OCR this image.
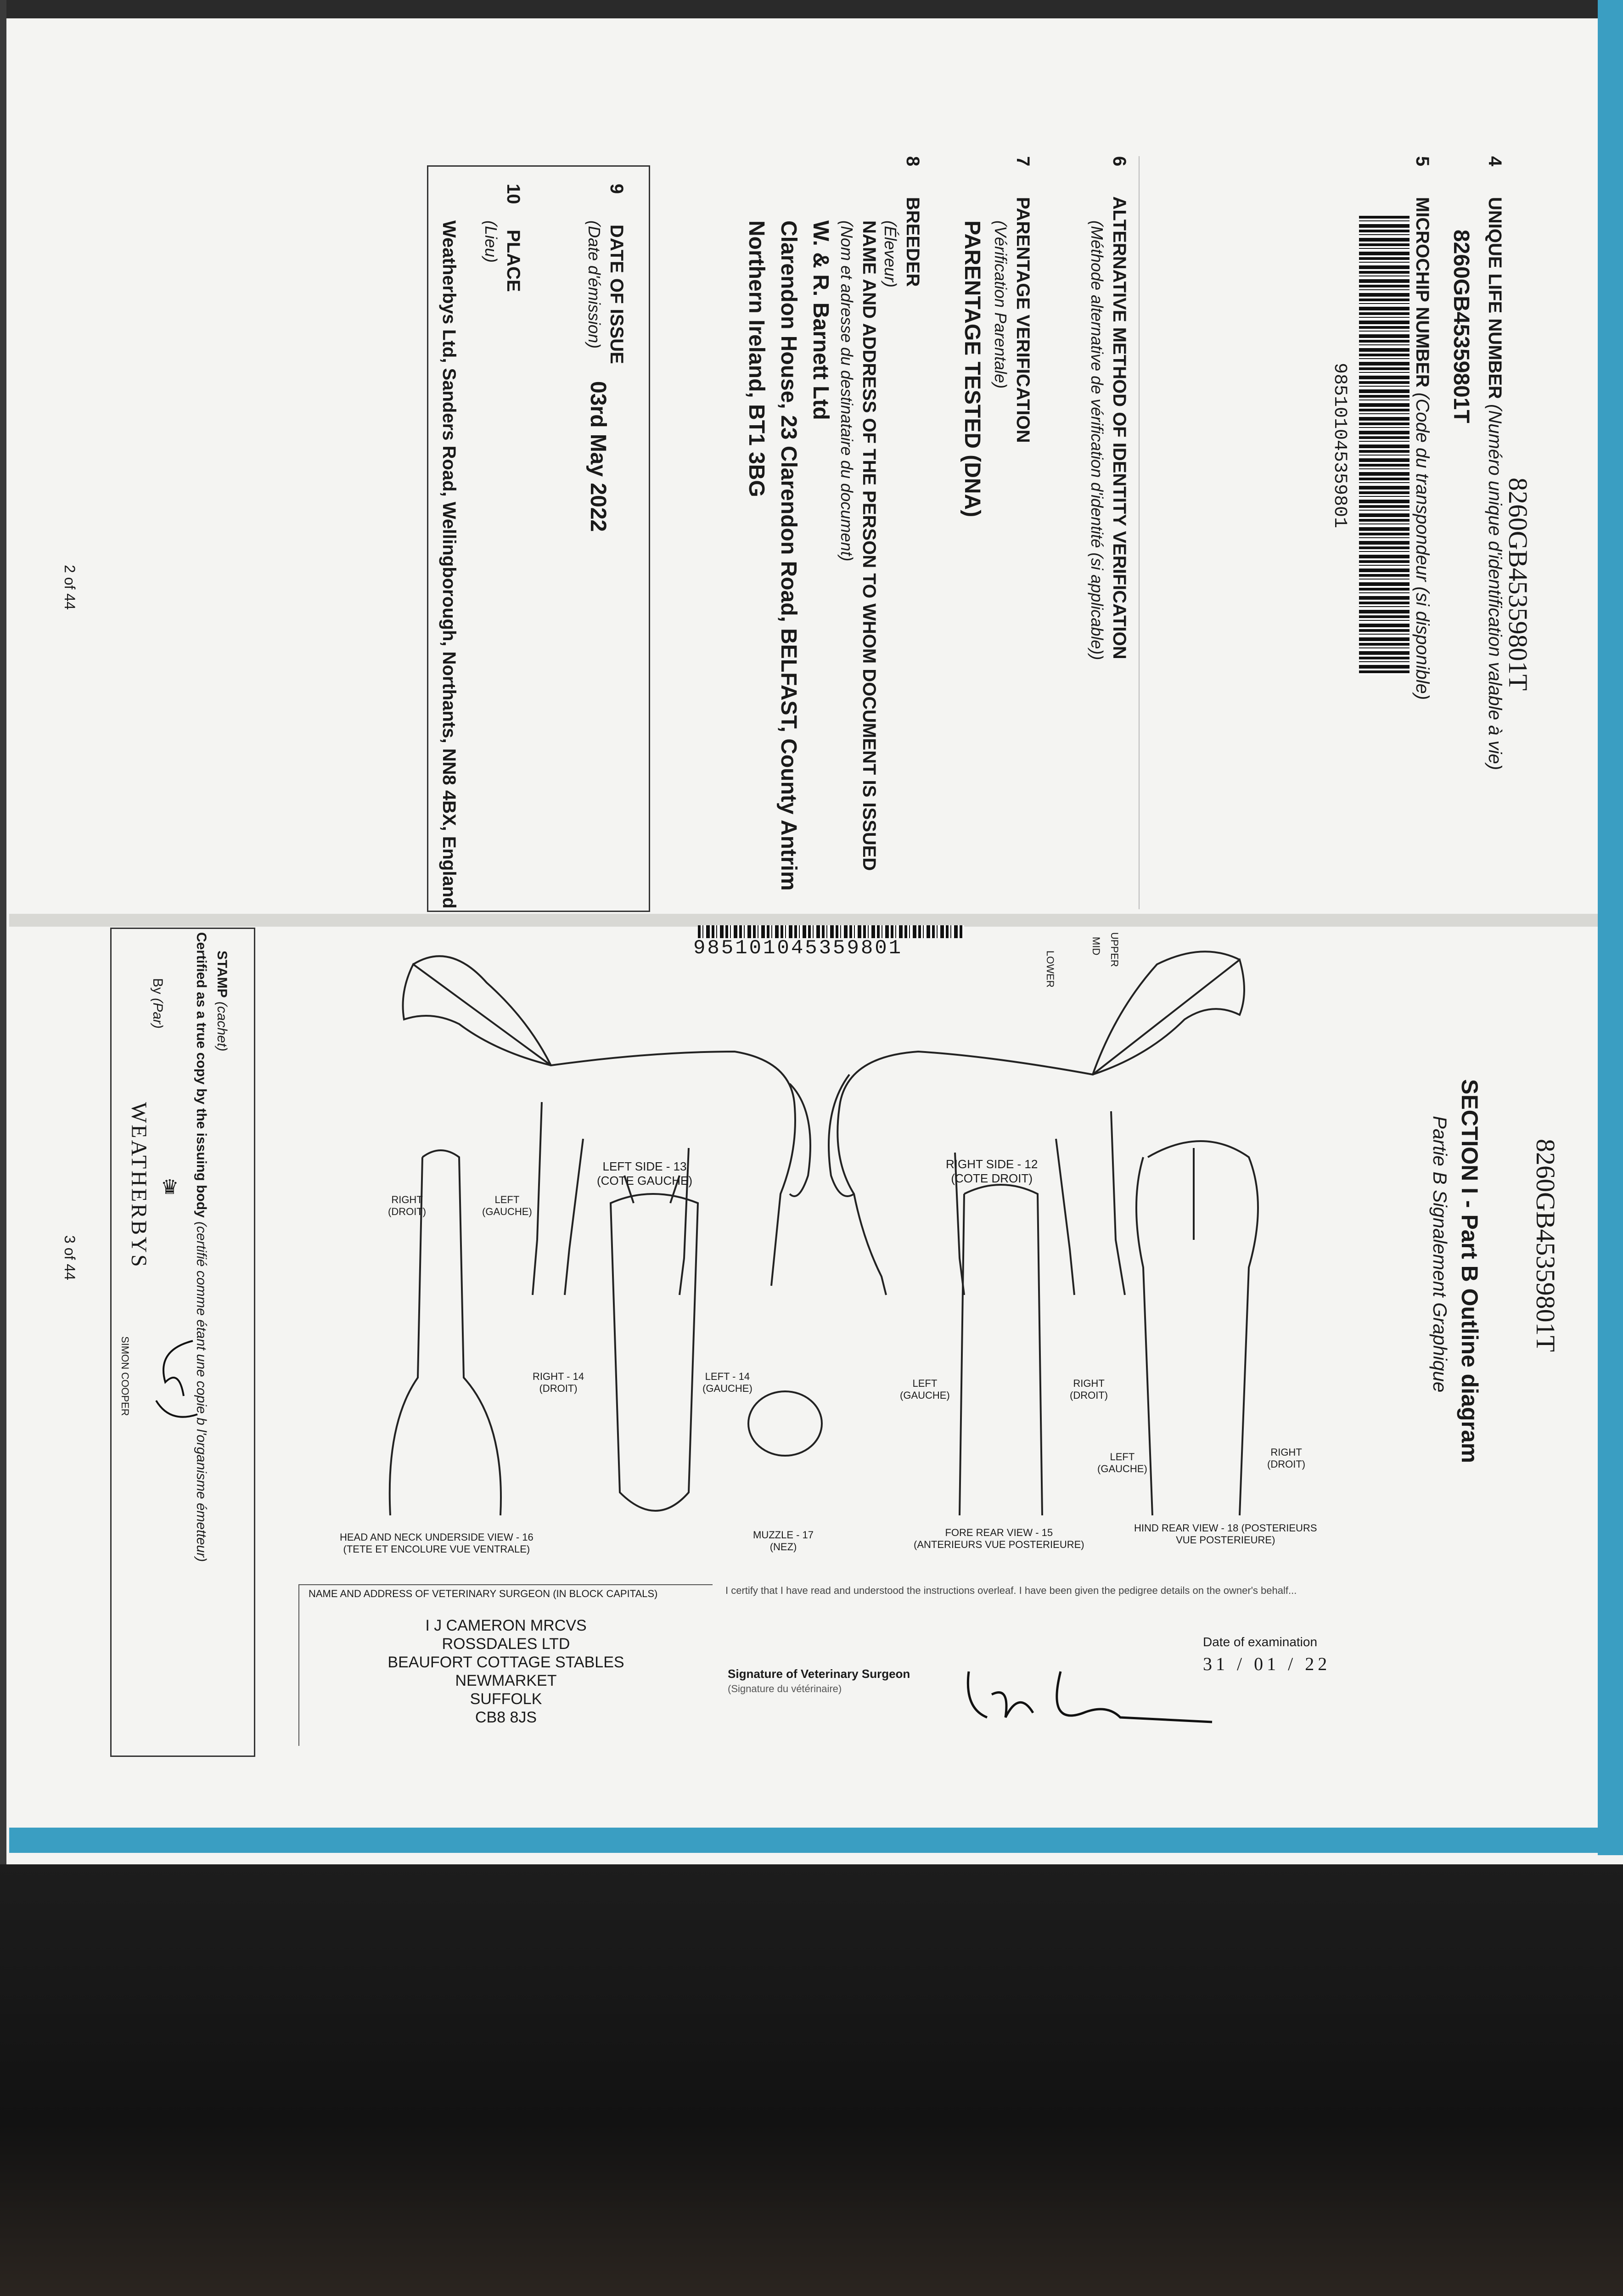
8260GB45359801T
4      UNIQUE LIFE NUMBER (Numéro unique d'identification valable à vie)
8260GB45359801T
5      MICROCHIP NUMBER (Code du transpondeur (si disponible)
985101045359801
6      ALTERNATIVE METHOD OF IDENTITY VERIFICATION
(Méthode alternative de vérification d'identité (si applicable))
7      PARENTAGE VERIFICATION
(Vérification Parentale)
PARENTAGE TESTED (DNA)
8      BREEDER
(Éleveur)
NAME AND ADDRESS OF THE PERSON TO WHOM DOCUMENT IS ISSUED
(Nom et adresse du destinataire du document)
W. & R. Barnett Ltd
Clarendon House, 23 Clarendon Road, BELFAST, County Antrim
Northern Ireland, BT1 3BG
9      DATE OF ISSUE
(Date d'émission)
03rd May 2022
10     PLACE
(Lieu)
Weatherbys Ltd, Sanders Road, Wellingborough, Northants, NN8 4BX, England
2 of 44
8260GB45359801T
SECTION I - Part B Outline diagram
Partie B Signalement Graphique
985101045359801	UPPER
MID
LOWER
RIGHT SIDE - 12
(COTE DROIT)
LEFT SIDE - 13
(COTE GAUCHE)
RIGHT
(DROIT)
LEFT
(GAUCHE)
RIGHT - 14
(DROIT)
LEFT - 14
(GAUCHE)	LEFT
(GAUCHE)
RIGHT
(DROIT)
LEFT
(GAUCHE)
RIGHT
(DROIT)
HEAD AND NECK UNDERSIDE VIEW - 16
(TETE ET ENCOLURE VUE VENTRALE)
MUZZLE - 17
(NEZ)
FORE REAR VIEW - 15
(ANTERIEURS VUE POSTERIEURE)
HIND REAR VIEW - 18 (POSTERIEURS
VUE POSTERIEURE)
NAME AND ADDRESS OF VETERINARY SURGEON (IN BLOCK CAPITALS)
I J CAMERON MRCVS
ROSSDALES LTD
BEAUFORT COTTAGE STABLES
NEWMARKET
SUFFOLK
CB8 8JS
I certify that I have read and understood the instructions overleaf. I have been given the pedigree details on the owner's behalf...
Date of examination
31 / 01 / 22
Signature of Veterinary Surgeon
(Signature du vétérinaire)
STAMP (cachet)
Certified as a true copy by the issuing body (certifié comme étant une copie b l'organisme émetteur)
By (Par)
WEATHERBYS ♛
SIMON COOPER
3 of 44
